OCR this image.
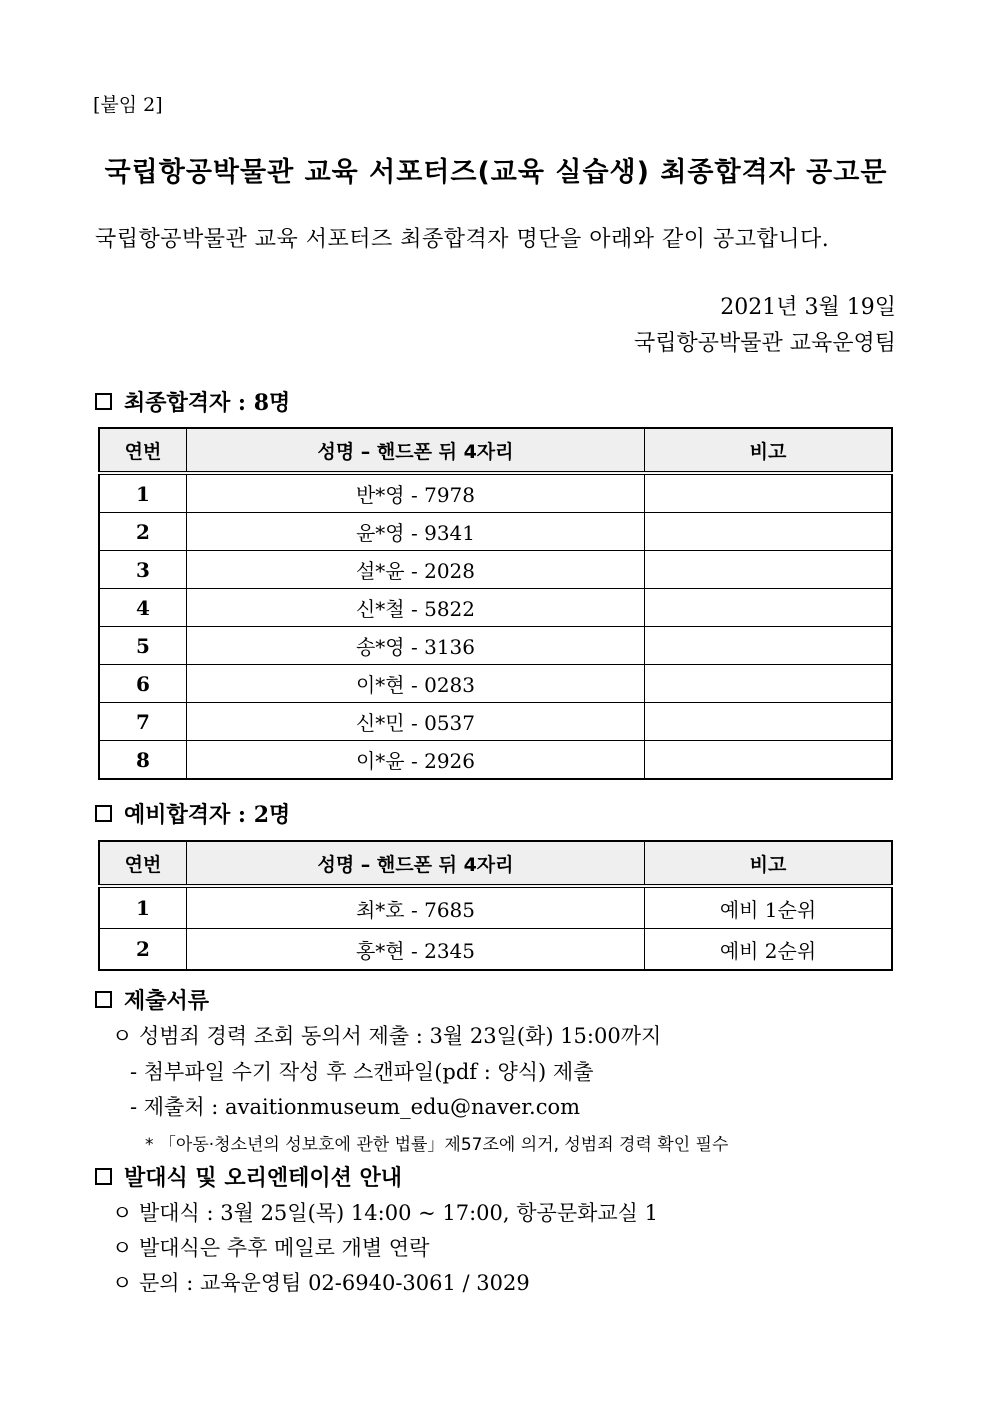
[붙임 2]
국립항공박물관 교육 서포터즈(교육 실습생) 최종합격자 공고문
국립항공박물관 교육 서포터즈 최종합격자 명단을 아래와 같이 공고합니다.
2021년 3월 19일
국립항공박물관 교육운영팀
최종합격자 : 8명
연번	성명 – 핸드폰 뒤 4자리	비고
1	반*영 - 7978	
2	윤*영 - 9341	
3	설*윤 - 2028	
4	신*철 - 5822	
5	송*영 - 3136	
6	이*현 - 0283	
7	신*민 - 0537	
8	이*윤 - 2926	
예비합격자 : 2명
연번	성명 – 핸드폰 뒤 4자리	비고
1	최*호 - 7685	예비 1순위
2	홍*현 - 2345	예비 2순위
제출서류
ㅇ 성범죄 경력 조회 동의서 제출 : 3월 23일(화) 15:00까지
- 첨부파일 수기 작성 후 스캔파일(pdf : 양식) 제출
- 제출처 : avaitionmuseum_edu@naver.com
* 「아동·청소년의 성보호에 관한 법률」제57조에 의거, 성범죄 경력 확인 필수
발대식 및 오리엔테이션 안내
ㅇ 발대식 : 3월 25일(목) 14:00 ~ 17:00, 항공문화교실 1
ㅇ 발대식은 추후 메일로 개별 연락
ㅇ 문의 : 교육운영팀 02-6940-3061 / 3029
